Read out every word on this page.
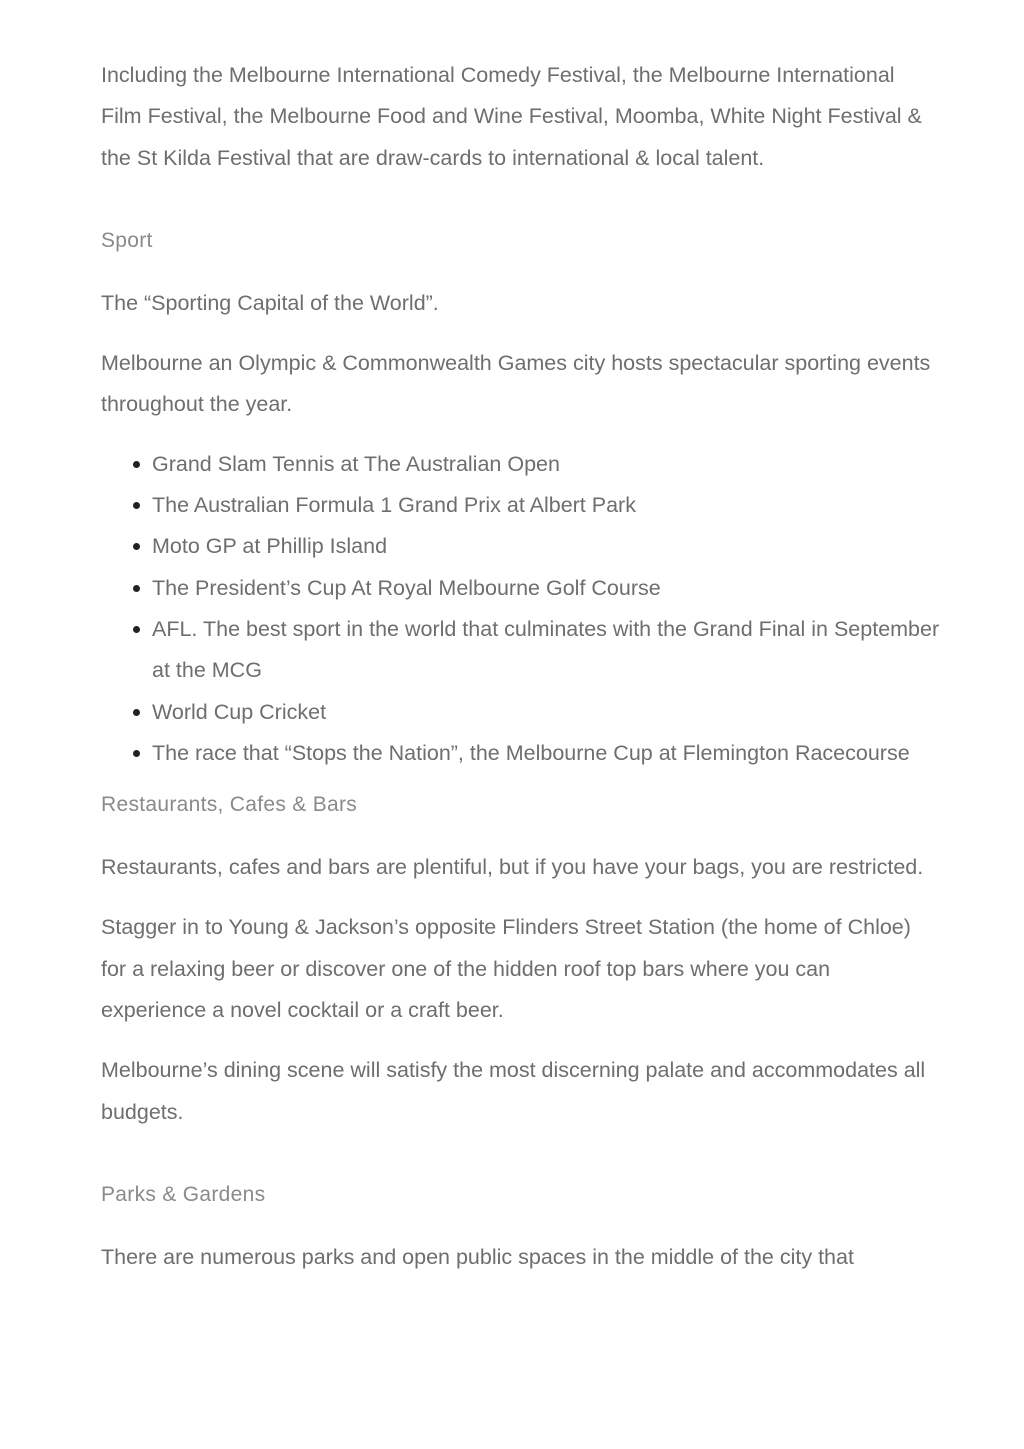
Including the Melbourne International Comedy Festival, the Melbourne International Film Festival, the Melbourne Food and Wine Festival, Moomba, White Night Festival & the St Kilda Festival that are draw-cards to international & local talent.

Sport

The “Sporting Capital of the World”.

Melbourne an Olympic & Commonwealth Games city hosts spectacular sporting events throughout the year.

Grand Slam Tennis at The Australian Open
The Australian Formula 1 Grand Prix at Albert Park
Moto GP at Phillip Island
The President’s Cup At Royal Melbourne Golf Course
AFL. The best sport in the world that culminates with the Grand Final in September at the MCG
World Cup Cricket
The race that “Stops the Nation”, the Melbourne Cup at Flemington Racecourse
Restaurants, Cafes & Bars

Restaurants, cafes and bars are plentiful, but if you have your bags, you are restricted.

Stagger in to Young & Jackson’s opposite Flinders Street Station (the home of Chloe) for a relaxing beer or discover one of the hidden roof top bars where you can experience a novel cocktail or a craft beer.

Melbourne’s dining scene will satisfy the most discerning palate and accommodates all budgets.

Parks & Gardens

There are numerous parks and open public spaces in the middle of the city that
